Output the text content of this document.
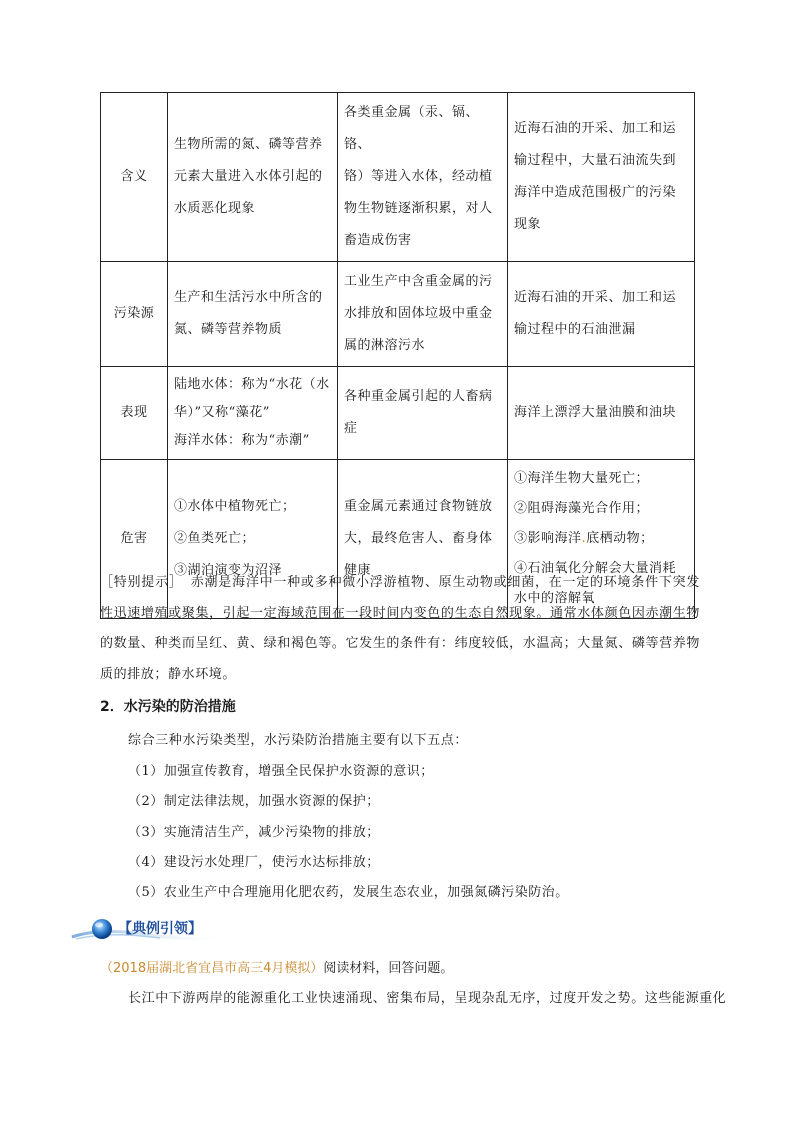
含义	生物所需的氮、磷等营养
元素大量进入水体引起的
水质恶化现象	各类重金属（汞、镉、铬、
铬）等进入水体，经动植
物生物链逐渐积累，对人
畜造成伤害	近海石油的开采、加工和运
输过程中，大量石油流失到
海洋中造成范围极广的污染
现象

污染源	生产和生活污水中所含的
氮、磷等营养物质	工业生产中含重金属的污
水排放和固体垃圾中重金
属的淋溶污水	近海石油的开采、加工和运
输过程中的石油泄漏

表现	陆地水体：称为“水花（水
华）”又称“藻花”
海洋水体：称为“赤潮”	各种重金属引起的人畜病
症	海洋上漂浮大量油膜和油块

危害	①水体中植物死亡；
②鱼类死亡；
③湖泊演变为沼泽	重金属元素通过食物链放
大，最终危害人、畜身体
健康	①海洋生物大量死亡；
②阻碍海藻光合作用；
③影响海洋.底栖动物；
④石油氧化分解会大量消耗
水中的溶解氧
［特别提示］ 赤潮是海洋中一种或多种微小浮游植物、原生动物或细菌，在一定的环境条件下突发性迅速增殖或聚集，引起一定海域范围在一段时间内变色的生态自然现象。通常水体颜色因赤潮生物的数量、种类而呈红、黄、绿和褐色等。它发生的条件有：纬度较低，水温高；大量氮、磷等营养物质的排放；静水环境。
2．水污染的防治措施
综合三种水污染类型，水污染防治措施主要有以下五点：
（1）加强宣传教育，增强全民保护水资源的意识；
（2）制定法律法规，加强水资源的保护；
（3）实施清洁生产，减少污染物的排放；
（4）建设污水处理厂，使污水达标排放；
（5）农业生产中合理施用化肥农药，发展生态农业，加强氮磷污染防治。
【典例引领】
（2018届湖北省宜昌市高三4月模拟）阅读材料，回答问题。
长江中下游两岸的能源重化工业快速涌现、密集布局，呈现杂乱无序，过度开发之势。这些能源重化
